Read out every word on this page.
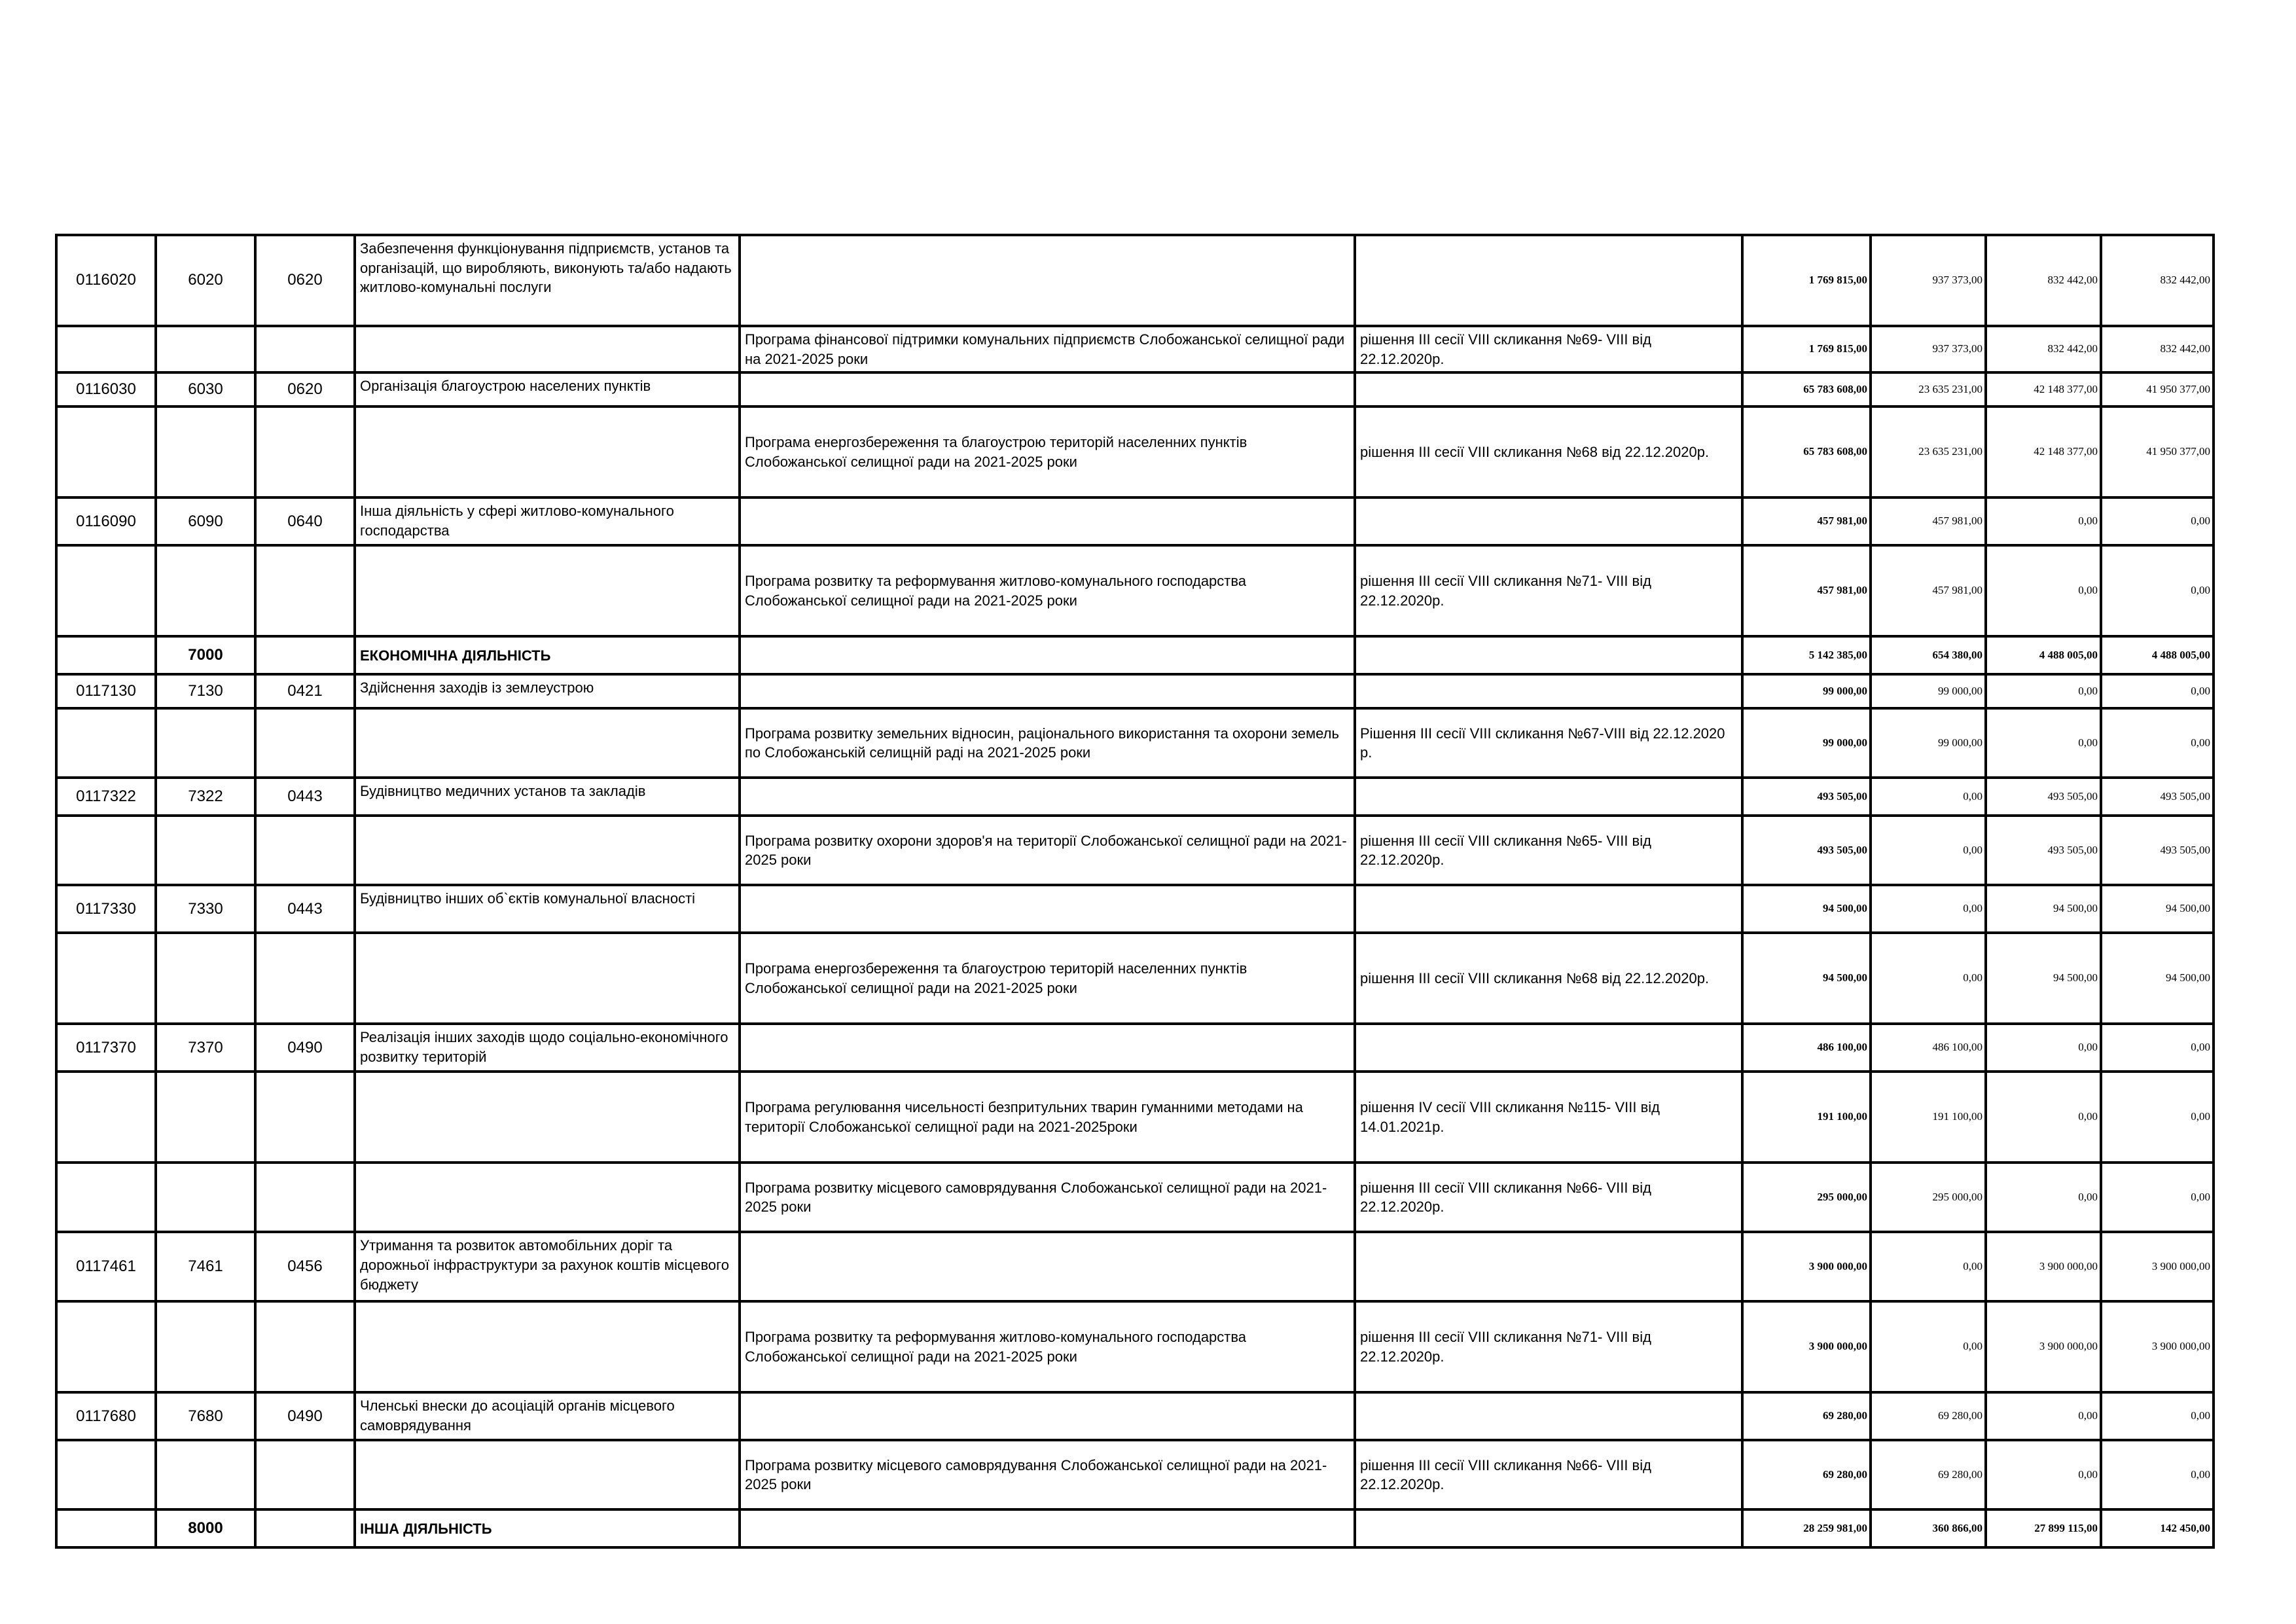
0116020	6020	0620	Забезпечення функціонування підприємств, установ та організацій, що виробляють, виконують та/або надають житлово-комунальні послуги			1 769 815,00	937 373,00	832 442,00	832 442,00
				Програма фінансової підтримки комунальних підприємств Слобожанської селищної ради на 2021-2025 роки	рішення ІІІ сесії VIII скликання №69- VIII від 22.12.2020р.	1 769 815,00	937 373,00	832 442,00	832 442,00
0116030	6030	0620	Організація благоустрою населених пунктів			65 783 608,00	23 635 231,00	42 148 377,00	41 950 377,00
				Програма енергозбереження та благоустрою територій населенних пунктів Слобожанської селищної ради на 2021-2025 роки	рішення ІІІ сесії VIII скликання №68 від 22.12.2020р.	65 783 608,00	23 635 231,00	42 148 377,00	41 950 377,00
0116090	6090	0640	Інша діяльність у сфері житлово-комунального господарства			457 981,00	457 981,00	0,00	0,00
				Програма розвитку та реформування житлово-комунального господарства Слобожанської селищної ради на 2021-2025 роки	рішення ІІІ сесії VIII скликання №71- VIII від 22.12.2020р.	457 981,00	457 981,00	0,00	0,00
	7000		ЕКОНОМІЧНА ДІЯЛЬНІСТЬ			5 142 385,00	654 380,00	4 488 005,00	4 488 005,00
0117130	7130	0421	Здійснення заходів із землеустрою			99 000,00	99 000,00	0,00	0,00
				Програма розвитку земельних відносин, раціонального використання та охорони земель по Слобожанській селищній раді на 2021-2025 роки	Рішення ІІІ сесії VIII скликання №67-VIII від 22.12.2020 р.	99 000,00	99 000,00	0,00	0,00
0117322	7322	0443	Будівництво медичних установ та закладів			493 505,00	0,00	493 505,00	493 505,00
				Програма розвитку охорони здоров'я на території Слобожанської селищної ради на 2021-2025 роки	рішення ІІІ сесії VIII скликання №65- VIII від 22.12.2020р.	493 505,00	0,00	493 505,00	493 505,00
0117330	7330	0443	Будівництво інших об`єктів комунальної власності			94 500,00	0,00	94 500,00	94 500,00
				Програма енергозбереження та благоустрою територій населенних пунктів Слобожанської селищної ради на 2021-2025 роки	рішення ІІІ сесії VIII скликання №68 від 22.12.2020р.	94 500,00	0,00	94 500,00	94 500,00
0117370	7370	0490	Реалізація інших заходів щодо соціально-економічного розвитку територій			486 100,00	486 100,00	0,00	0,00
				Програма регулювання чисельності безпритульних тварин гуманними методами на території Слобожанської селищної ради на 2021-2025роки	рішення ІV сесії VIII скликання №115- VIII від 14.01.2021р.	191 100,00	191 100,00	0,00	0,00
				Програма розвитку місцевого самоврядування Слобожанської селищної ради на 2021-2025 роки	рішення ІІІ сесії VIII скликання №66- VIII від 22.12.2020р.	295 000,00	295 000,00	0,00	0,00
0117461	7461	0456	Утримання та розвиток автомобільних доріг та дорожньої інфраструктури за рахунок коштів місцевого бюджету			3 900 000,00	0,00	3 900 000,00	3 900 000,00
				Програма розвитку та реформування житлово-комунального господарства Слобожанської селищної ради на 2021-2025 роки	рішення ІІІ сесії VIII скликання №71- VIII від 22.12.2020р.	3 900 000,00	0,00	3 900 000,00	3 900 000,00
0117680	7680	0490	Членські внески до асоціацій органів місцевого самоврядування			69 280,00	69 280,00	0,00	0,00
				Програма розвитку місцевого самоврядування Слобожанської селищної ради на 2021-2025 роки	рішення ІІІ сесії VIII скликання №66- VIII від 22.12.2020р.	69 280,00	69 280,00	0,00	0,00
	8000		ІНША ДІЯЛЬНІСТЬ			28 259 981,00	360 866,00	27 899 115,00	142 450,00
